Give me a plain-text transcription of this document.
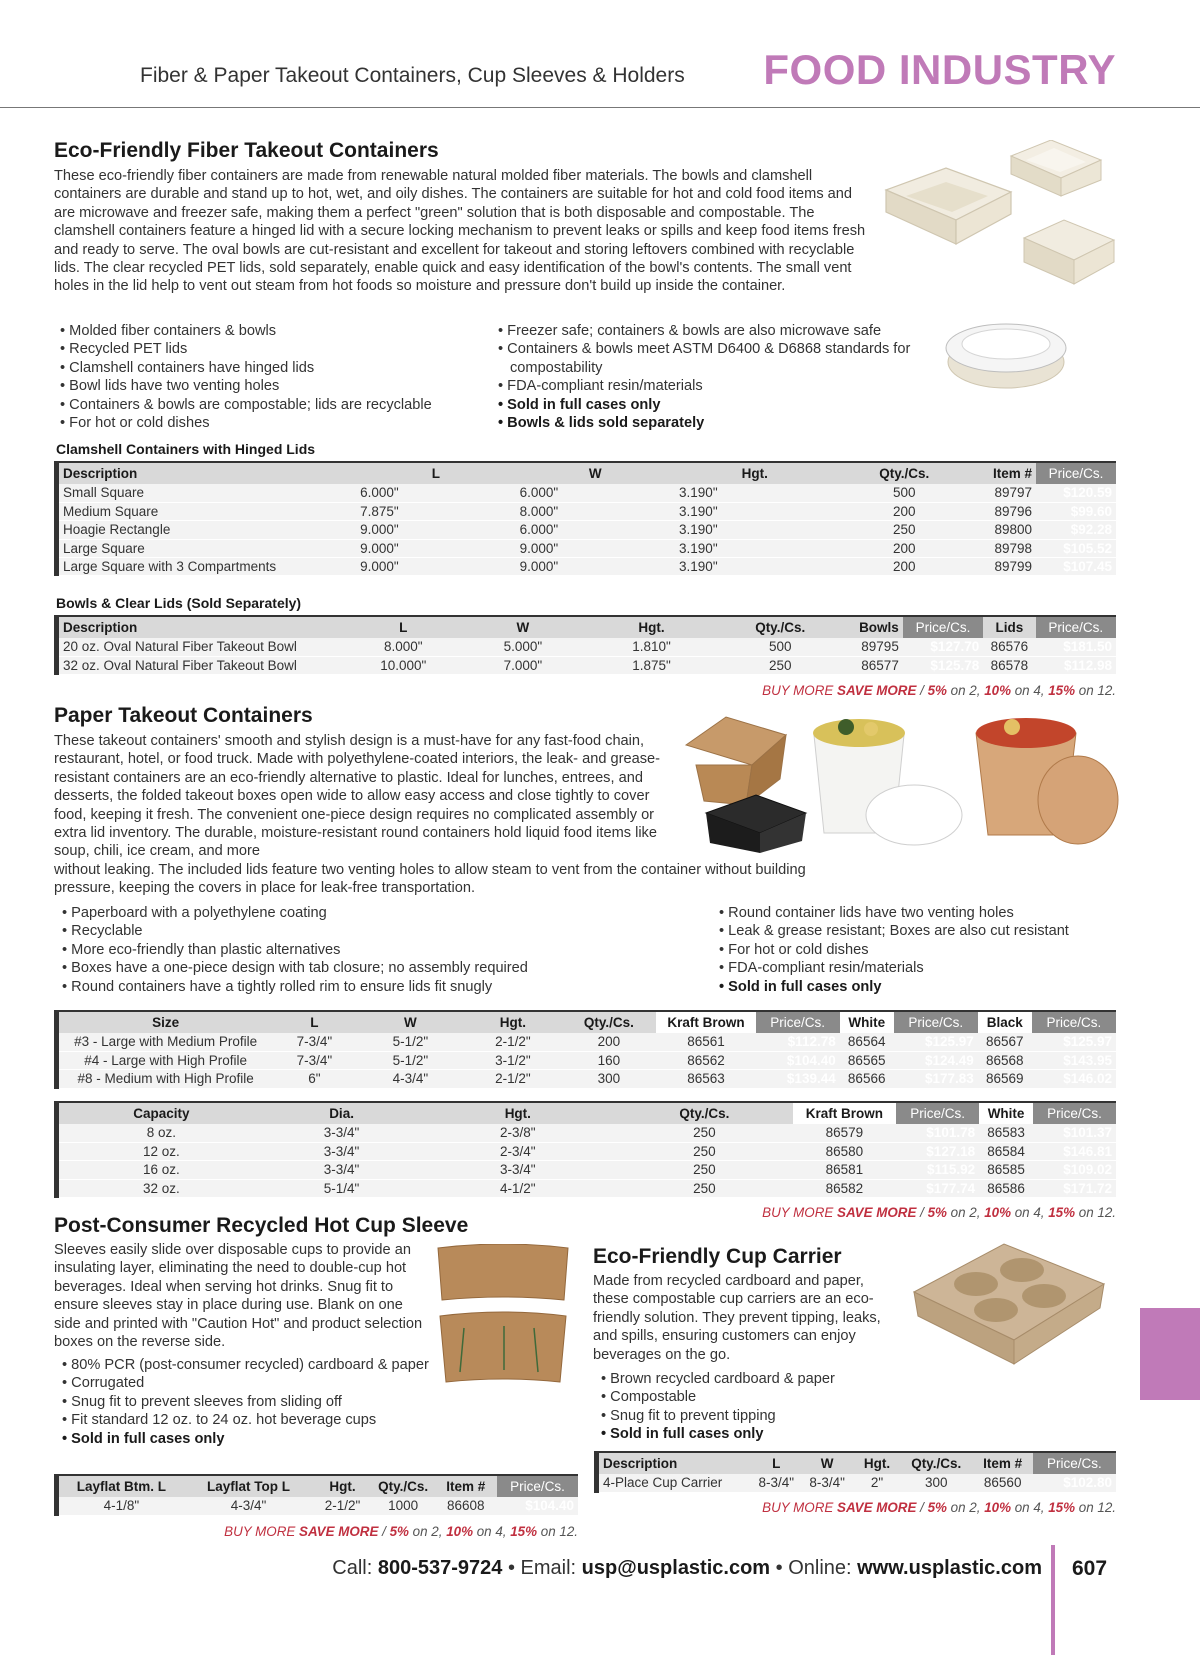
Fiber & Paper Takeout Containers, Cup Sleeves & Holders FOOD INDUSTRY
Eco-Friendly Fiber Takeout Containers
These eco-friendly fiber containers are made from renewable natural molded fiber materials. The bowls and clamshell containers are durable and stand up to hot, wet, and oily dishes. The containers are suitable for hot and cold food items and are microwave and freezer safe, making them a perfect "green" solution that is both disposable and compostable. The clamshell containers feature a hinged lid with a secure locking mechanism to prevent leaks or spills and keep food items fresh and ready to serve. The oval bowls are cut-resistant and excellent for takeout and storing leftovers combined with recyclable lids. The clear recycled PET lids, sold separately, enable quick and easy identification of the bowl's contents. The small vent holes in the lid help to vent out steam from hot foods so moisture and pressure don't build up inside the container.
• Molded fiber containers & bowls
• Recycled PET lids
• Clamshell containers have hinged lids
• Bowl lids have two venting holes
• Containers & bowls are compostable; lids are recyclable
• For hot or cold dishes
• Freezer safe; containers & bowls are also microwave safe
• Containers & bowls meet ASTM D6400 & D6868 standards for compostability
• FDA-compliant resin/materials
• Sold in full cases only
• Bowls & lids sold separately
Clamshell Containers with Hinged Lids
Description	L	W	Hgt.	Qty./Cs.	Item #	Price/Cs.
Small Square	6.000"	6.000"	3.190"	500	89797	$120.59
Medium Square	7.875"	8.000"	3.190"	200	89796	$99.60
Hoagie Rectangle	9.000"	6.000"	3.190"	250	89800	$92.28
Large Square	9.000"	9.000"	3.190"	200	89798	$105.52
Large Square with 3 Compartments	9.000"	9.000"	3.190"	200	89799	$107.45
Bowls & Clear Lids (Sold Separately)
Description	L	W	Hgt.	Qty./Cs.	Bowls	Price/Cs.	Lids	Price/Cs.
20 oz. Oval Natural Fiber Takeout Bowl	8.000"	5.000"	1.810"	500	89795	$127.70	86576	$181.50
32 oz. Oval Natural Fiber Takeout Bowl	10.000"	7.000"	1.875"	250	86577	$125.78	86578	$112.98
BUY MORE SAVE MORE / 5% on 2, 10% on 4, 15% on 12.
Paper Takeout Containers
These takeout containers' smooth and stylish design is a must-have for any fast-food chain, restaurant, hotel, or food truck. Made with polyethylene-coated interiors, the leak- and grease-resistant containers are an eco-friendly alternative to plastic. Ideal for lunches, entrees, and desserts, the folded takeout boxes open wide to allow easy access and close tightly to cover food, keeping it fresh. The convenient one-piece design requires no complicated assembly or extra lid inventory. The durable, moisture-resistant round containers hold liquid food items like soup, chili, ice cream, and more
without leaking. The included lids feature two venting holes to allow steam to vent from the container without building pressure, keeping the covers in place for leak-free transportation.
• Paperboard with a polyethylene coating
• Recyclable
• More eco-friendly than plastic alternatives
• Boxes have a one-piece design with tab closure; no assembly required
• Round containers have a tightly rolled rim to ensure lids fit snugly
• Round container lids have two venting holes
• Leak & grease resistant; Boxes are also cut resistant
• For hot or cold dishes
• FDA-compliant resin/materials
• Sold in full cases only
Size	L	W	Hgt.	Qty./Cs.	Kraft Brown	Price/Cs.	White	Price/Cs.	Black	Price/Cs.
#3 - Large with Medium Profile	7-3/4"	5-1/2"	2-1/2"	200	86561	$112.78	86564	$125.97	86567	$125.97
#4 - Large with High Profile	7-3/4"	5-1/2"	3-1/2"	160	86562	$104.40	86565	$124.49	86568	$143.95
#8 - Medium with High Profile	6"	4-3/4"	2-1/2"	300	86563	$139.44	86566	$177.83	86569	$146.02
Capacity	Dia.	Hgt.	Qty./Cs.	Kraft Brown	Price/Cs.	White	Price/Cs.
8 oz.	3-3/4"	2-3/8"	250	86579	$101.78	86583	$101.37
12 oz.	3-3/4"	2-3/4"	250	86580	$127.18	86584	$146.81
16 oz.	3-3/4"	3-3/4"	250	86581	$115.92	86585	$109.02
32 oz.	5-1/4"	4-1/2"	250	86582	$177.74	86586	$171.72
BUY MORE SAVE MORE / 5% on 2, 10% on 4, 15% on 12.
Post-Consumer Recycled Hot Cup Sleeve
Sleeves easily slide over disposable cups to provide an insulating layer, eliminating the need to double-cup hot beverages. Ideal when serving hot drinks. Snug fit to ensure sleeves stay in place during use. Blank on one side and printed with "Caution Hot" and product selection boxes on the reverse side.
• 80% PCR (post-consumer recycled) cardboard & paper
• Corrugated
• Snug fit to prevent sleeves from sliding off
• Fit standard 12 oz. to 24 oz. hot beverage cups
• Sold in full cases only
Layflat Btm. L	Layflat Top L	Hgt.	Qty./Cs.	Item #	Price/Cs.
4-1/8"	4-3/4"	2-1/2"	1000	86608	$104.40
BUY MORE SAVE MORE / 5% on 2, 10% on 4, 15% on 12.
Eco-Friendly Cup Carrier
Made from recycled cardboard and paper, these compostable cup carriers are an eco-friendly solution. They prevent tipping, leaks, and spills, ensuring customers can enjoy beverages on the go.
• Brown recycled cardboard & paper
• Compostable
• Snug fit to prevent tipping
• Sold in full cases only
Description	L	W	Hgt.	Qty./Cs.	Item #	Price/Cs.
4-Place Cup Carrier	8-3/4"	8-3/4"	2"	300	86560	$102.80
BUY MORE SAVE MORE / 5% on 2, 10% on 4, 15% on 12.
Call: 800-537-9724 • Email: usp@usplastic.com • Online: www.usplastic.com 607
